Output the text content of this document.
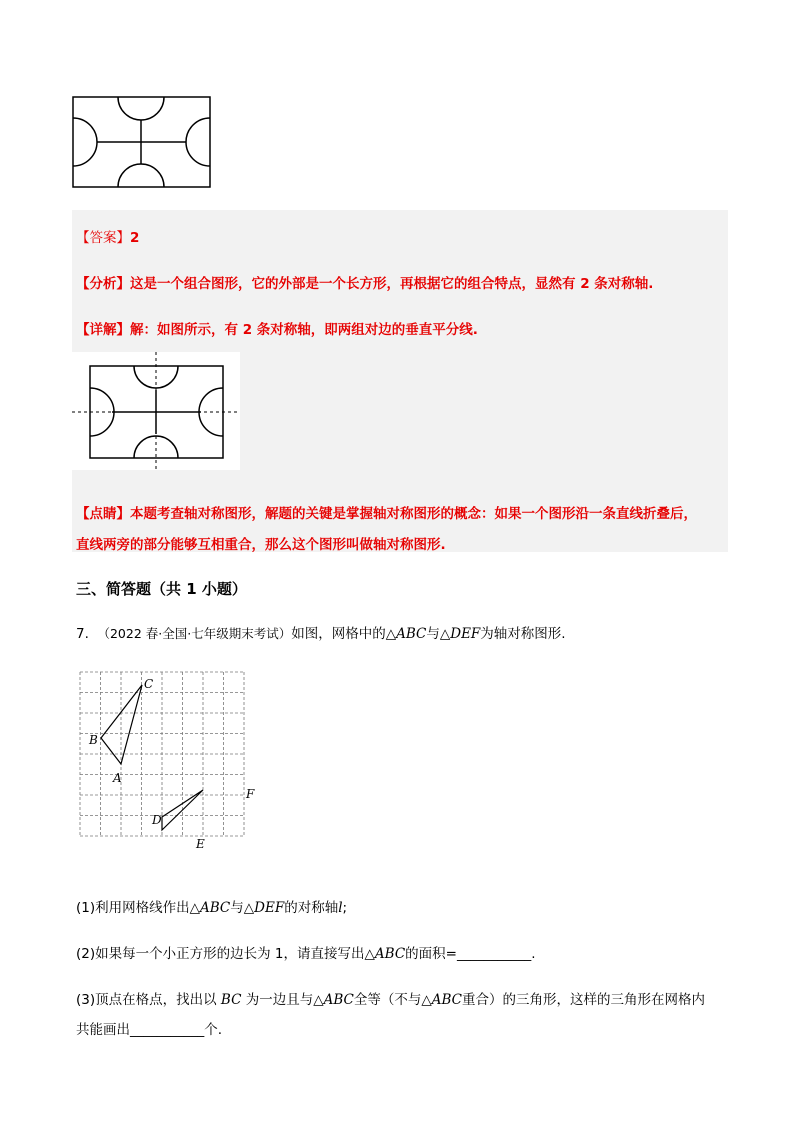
【答案】2
【分析】这是一个组合图形，它的外部是一个长方形，再根据它的组合特点，显然有 2 条对称轴.
【详解】解：如图所示，有 2 条对称轴，即两组对边的垂直平分线.
【点睛】本题考查轴对称图形，解题的关键是掌握轴对称图形的概念：如果一个图形沿一条直线折叠后，
直线两旁的部分能够互相重合，那么这个图形叫做轴对称图形.
三、简答题（共 1 小题）
7. （2022 春·全国·七年级期末考试）如图，网格中的△ABC与△DEF为轴对称图形.
C
B
A
F
D
E
(1)利用网格线作出△ABC与△DEF的对称轴l;
(2)如果每一个小正方形的边长为 1，请直接写出△ABC的面积=___________.
(3)顶点在格点，找出以 BC 为一边且与△ABC全等（不与△ABC重合）的三角形，这样的三角形在网格内
共能画出___________个.
